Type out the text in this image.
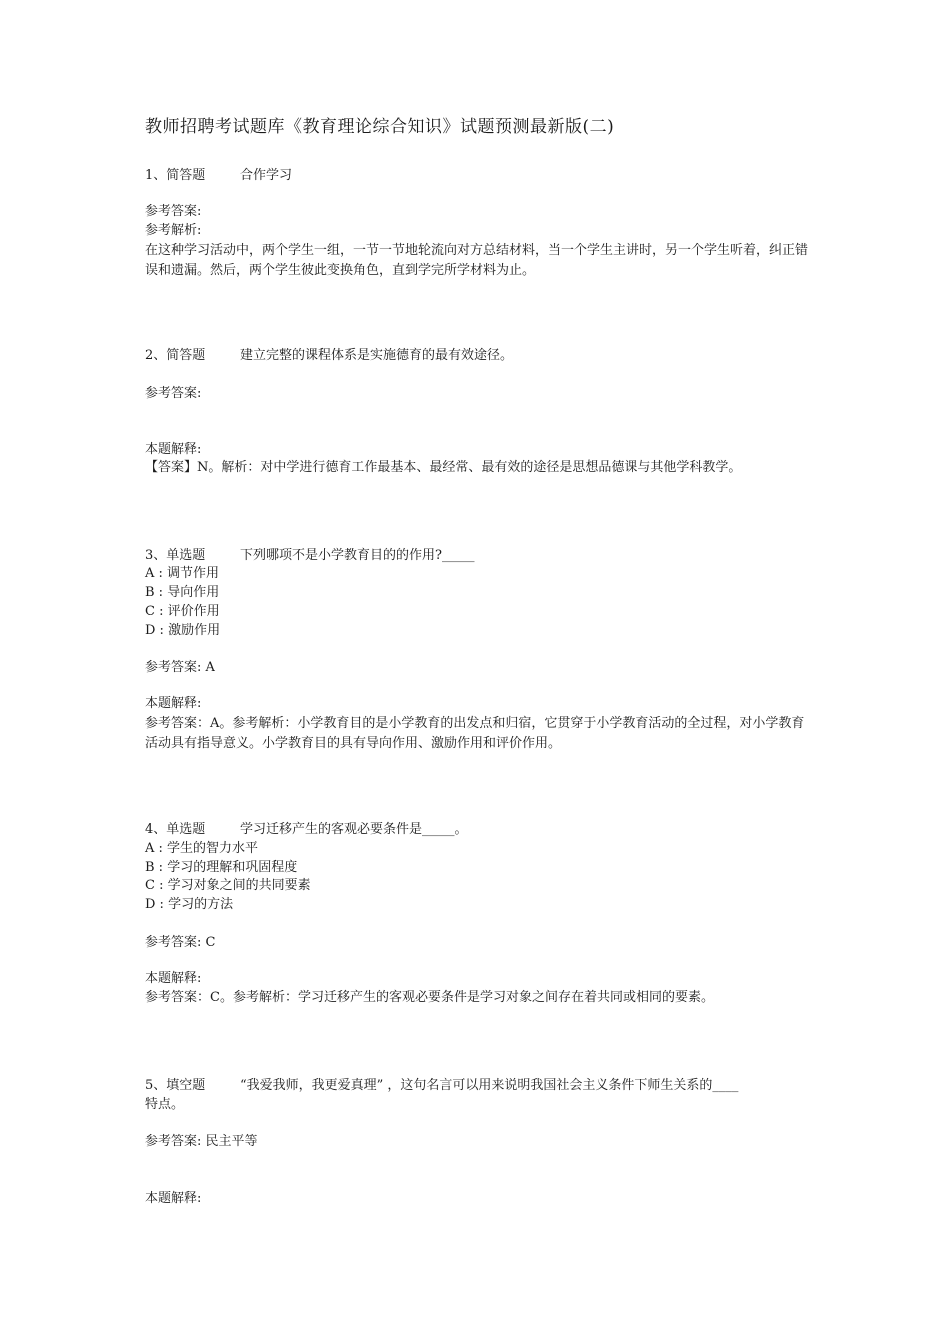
教师招聘考试题库《教育理论综合知识》试题预测最新版(二)
1、简答题	合作学习
参考答案:
参考解析:
在这种学习活动中，两个学生一组，一节一节地轮流向对方总结材料，当一个学生主讲时，另一个学生听着，纠正错误和遗漏。然后，两个学生彼此变换角色，直到学完所学材料为止。
2、简答题	建立完整的课程体系是实施德育的最有效途径。
参考答案:
本题解释:
【答案】N。解析：对中学进行德育工作最基本、最经常、最有效的途径是思想品德课与其他学科教学。
3、单选题	下列哪项不是小学教育目的的作用?_____
A : 调节作用
B : 导向作用
C : 评价作用
D : 激励作用
参考答案: A
本题解释:
参考答案：A。参考解析：小学教育目的是小学教育的出发点和归宿，它贯穿于小学教育活动的全过程，对小学教育活动具有指导意义。小学教育目的具有导向作用、激励作用和评价作用。
4、单选题	学习迁移产生的客观必要条件是_____。
A : 学生的智力水平
B : 学习的理解和巩固程度
C : 学习对象之间的共同要素
D : 学习的方法
参考答案: C
本题解释:
参考答案：C。参考解析：学习迁移产生的客观必要条件是学习对象之间存在着共同或相同的要素。
5、填空题	“我爱我师，我更爱真理” ，这句名言可以用来说明我国社会主义条件下师生关系的____
特点。
参考答案: 民主平等
本题解释:
